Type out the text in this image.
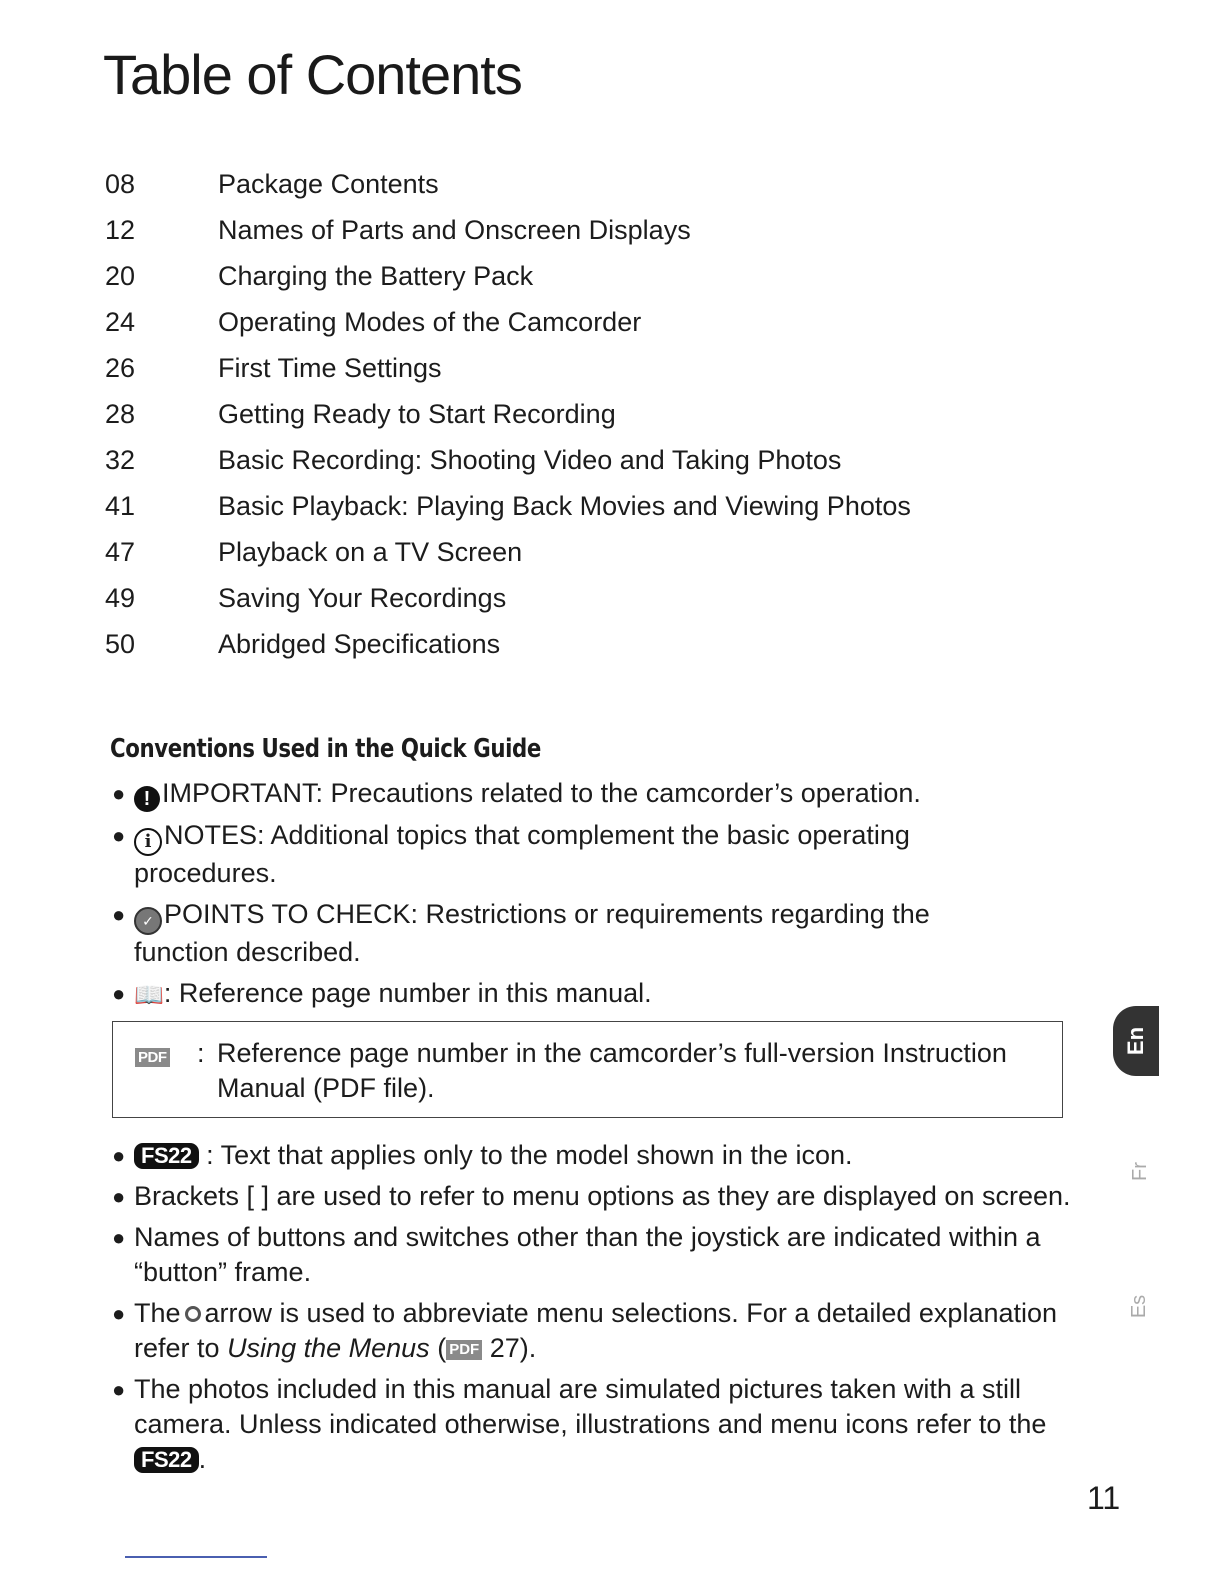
Table of Contents
08	Package Contents
12	Names of Parts and Onscreen Displays
20	Charging the Battery Pack
24	Operating Modes of the Camcorder
26	First Time Settings
28	Getting Ready to Start Recording
32	Basic Recording: Shooting Video and Taking Photos
41	Basic Playback: Playing Back Movies and Viewing Photos
47	Playback on a TV Screen
49	Saving Your Recordings
50	Abridged Specifications
Conventions Used in the Quick Guide
● ! IMPORTANT: Precautions related to the camcorder’s operation.
● i NOTES: Additional topics that complement the basic operating procedures.
● ✓ POINTS TO CHECK: Restrictions or requirements regarding the function described.
● 📖: Reference page number in this manual.
PDF : Reference page number in the camcorder’s full-version Instruction Manual (PDF file).
● FS22 : Text that applies only to the model shown in the icon.
● Brackets [ ] are used to refer to menu options as they are displayed on screen.
● Names of buttons and switches other than the joystick are indicated within a “button” frame.
● The arrow is used to abbreviate menu selections. For a detailed explanation refer to Using the Menus ( PDF 27).
● The photos included in this manual are simulated pictures taken with a still camera. Unless indicated otherwise, illustrations and menu icons refer to the FS22 .
En
Fr
Es
11
